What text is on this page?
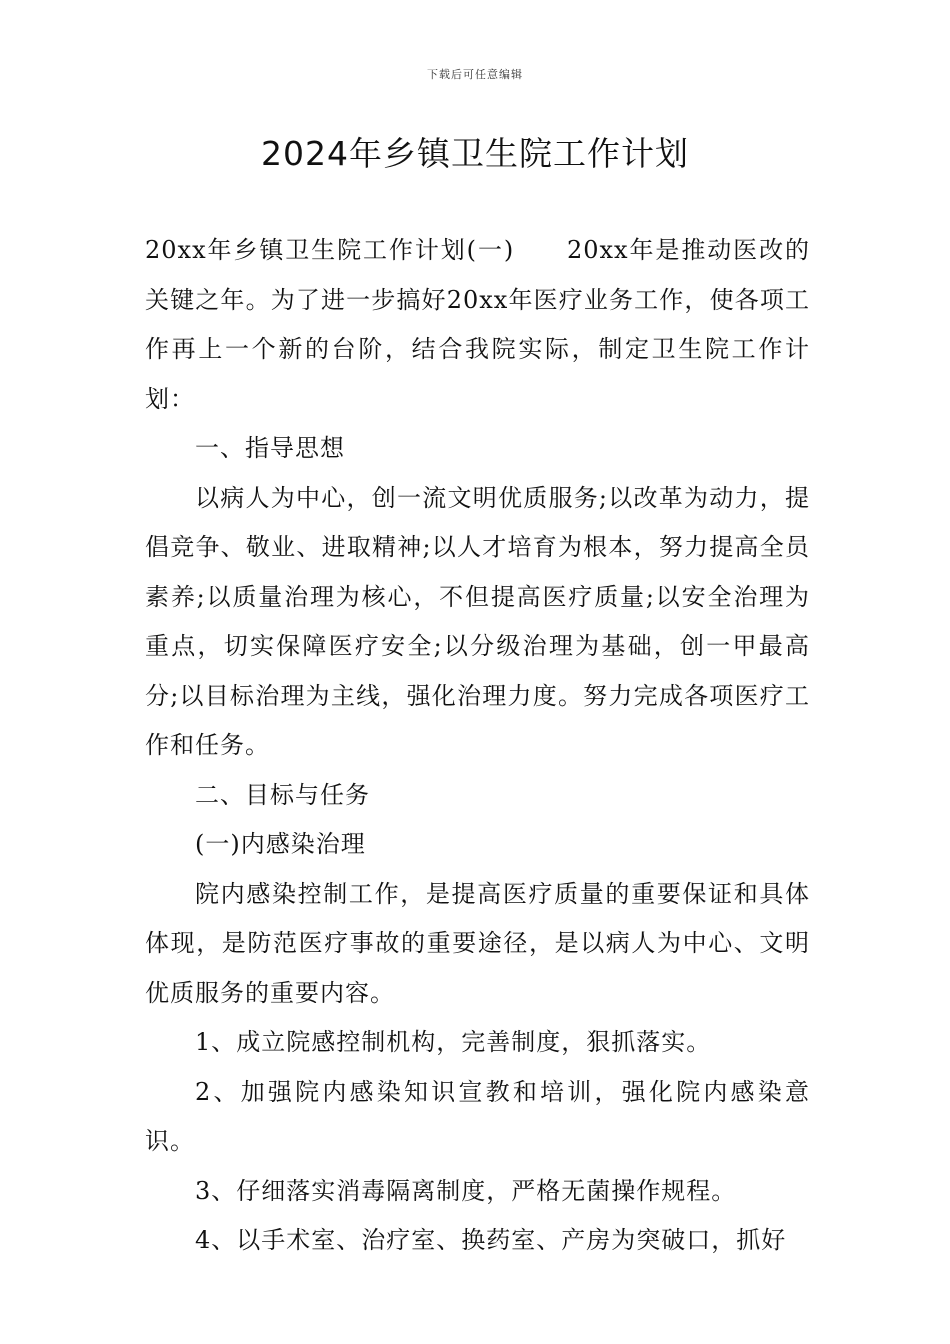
下载后可任意编辑
2024年乡镇卫生院工作计划

20xx年乡镇卫生院工作计划(一)　　20xx年是推动医改的关键之年。为了进一步搞好20xx年医疗业务工作，使各项工作再上一个新的台阶，结合我院实际，制定卫生院工作计划：

一、指导思想

以病人为中心，创一流文明优质服务;以改革为动力，提倡竞争、敬业、进取精神;以人才培育为根本，努力提高全员素养;以质量治理为核心，不但提高医疗质量;以安全治理为重点，切实保障医疗安全;以分级治理为基础，创一甲最高分;以目标治理为主线，强化治理力度。努力完成各项医疗工作和任务。

二、目标与任务

(一)内感染治理

院内感染控制工作，是提高医疗质量的重要保证和具体体现，是防范医疗事故的重要途径，是以病人为中心、文明优质服务的重要内容。

1、成立院感控制机构，完善制度，狠抓落实。

2、加强院内感染知识宣教和培训，强化院内感染意识。

3、仔细落实消毒隔离制度，严格无菌操作规程。

4、以手术室、治疗室、换药室、产房为突破口，抓好
